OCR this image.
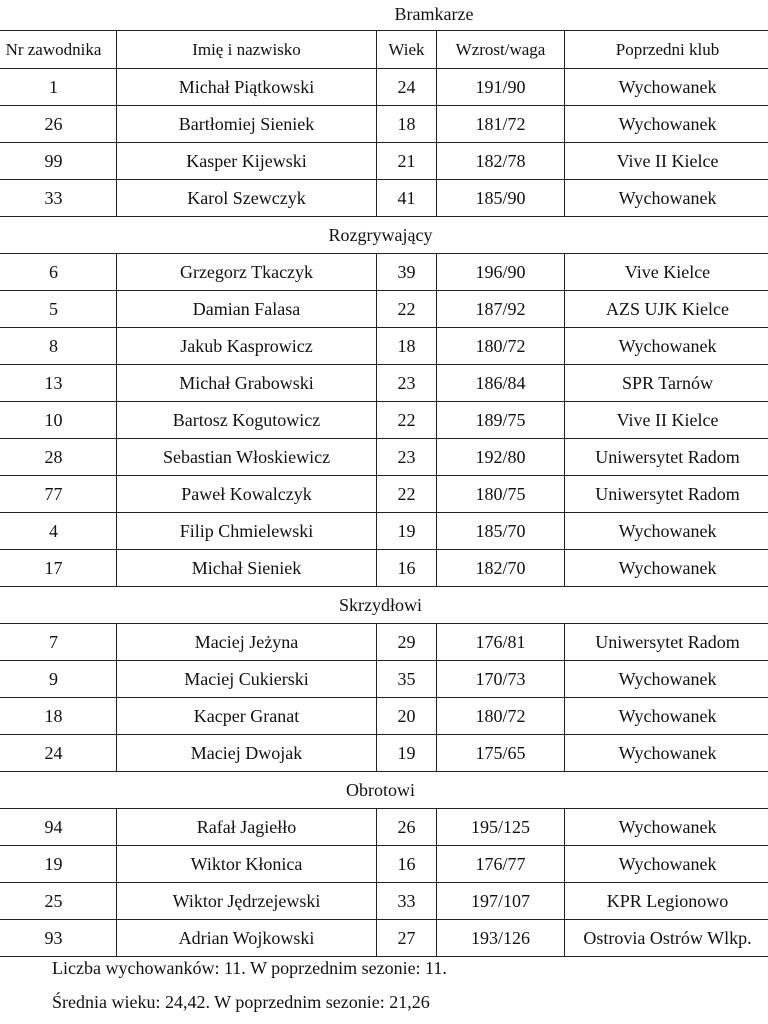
Bramkarze
Nr zawodnika	Imię i nazwisko	Wiek	Wzrost/waga	Poprzedni klub
1	Michał Piątkowski	24	191/90	Wychowanek
26	Bartłomiej Sieniek	18	181/72	Wychowanek
99	Kasper Kijewski	21	182/78	Vive II Kielce
33	Karol Szewczyk	41	185/90	Wychowanek
Rozgrywający				
6	Grzegorz Tkaczyk	39	196/90	Vive Kielce
5	Damian Falasa	22	187/92	AZS UJK Kielce
8	Jakub Kasprowicz	18	180/72	Wychowanek
13	Michał Grabowski	23	186/84	SPR Tarnów
10	Bartosz Kogutowicz	22	189/75	Vive II Kielce
28	Sebastian Włoskiewicz	23	192/80	Uniwersytet Radom
77	Paweł Kowalczyk	22	180/75	Uniwersytet Radom
4	Filip Chmielewski	19	185/70	Wychowanek
17	Michał Sieniek	16	182/70	Wychowanek
Skrzydłowi				
7	Maciej Jeżyna	29	176/81	Uniwersytet Radom
9	Maciej Cukierski	35	170/73	Wychowanek
18	Kacper Granat	20	180/72	Wychowanek
24	Maciej Dwojak	19	175/65	Wychowanek
Obrotowi				
94	Rafał Jagiełło	26	195/125	Wychowanek
19	Wiktor Kłonica	16	176/77	Wychowanek
25	Wiktor Jędrzejewski	33	197/107	KPR Legionowo
93	Adrian Wojkowski	27	193/126	Ostrovia Ostrów Wlkp.
Liczba wychowanków: 11. W poprzednim sezonie: 11.
Średnia wieku: 24,42. W poprzednim sezonie: 21,26
